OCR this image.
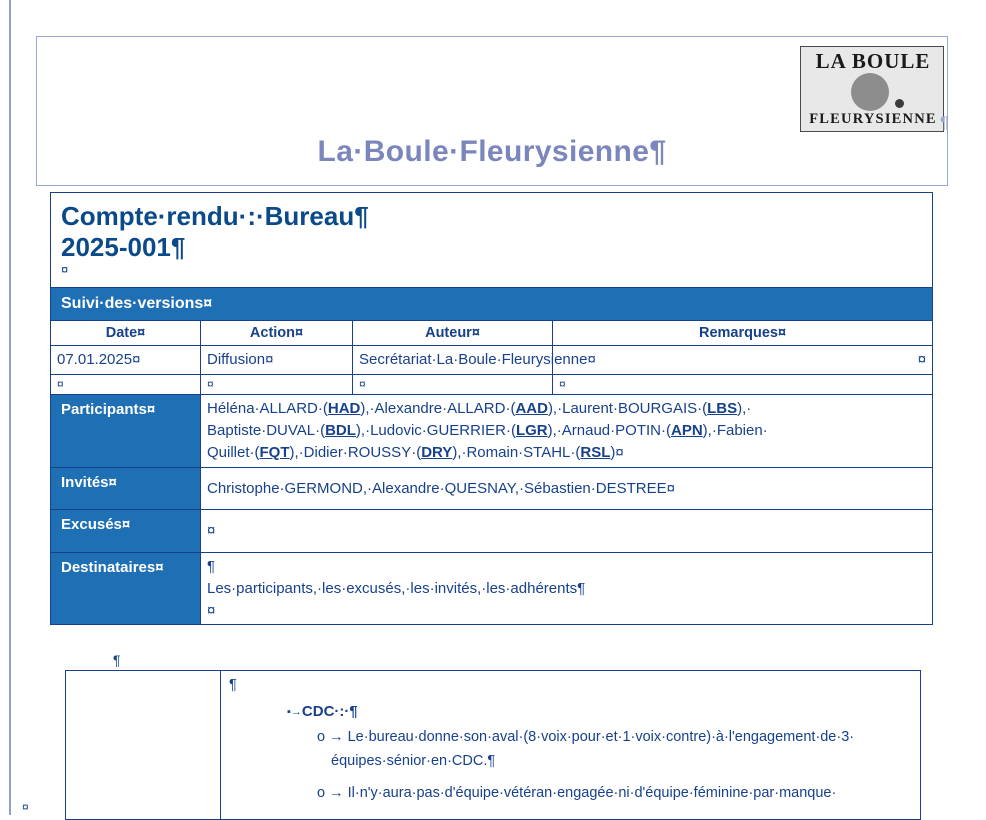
LA BOULE
FLEURYSIENNE ¶
La·Boule·Fleurysienne¶
Compte·rendu·:·Bureau¶
2025-001¶
¤			

Suivi·des·versions¤			
Date¤	Action¤	Auteur¤	Remarques¤
07.01.2025¤	Diffusion¤	Secrétariat·La·Boule·Fleurysienne¤	¤
¤	¤	¤	¤
Participants¤	Héléna·ALLARD·(HAD),·Alexandre·ALLARD·(AAD),·Laurent·BOURGAIS·(LBS),· Baptiste·DUVAL·(BDL),·Ludovic·GUERRIER·(LGR),·Arnaud·POTIN·(APN),·Fabien· Quillet·(FQT),·Didier·ROUSSY·(DRY),·Romain·STAHL·(RSL)¤		
Invités¤	Christophe·GERMOND,·Alexandre·QUESNAY,·Sébastien·DESTREE¤		
Excusés¤	¤		
Destinataires¤	¶
Les·participants,·les·excusés,·les·invités,·les·adhérents¶
¤		
¶

¶
▪→CDC·:·¶
o → Le·bureau·donne·son·aval·(8·voix·pour·et·1·voix·contre)·à·l'engagement·de·3· équipes·sénior·en·CDC.¶
o → Il·n'y·aura·pas·d'équipe·vétéran·engagée·ni·d'équipe·féminine·par·manque·
¤
